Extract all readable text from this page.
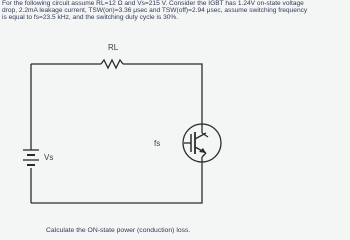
For the following circuit assume RL=12 Ω and Vs=215 V. Consider the IGBT has 1.24V on-state voltage
drop, 2.2mA leakage current, TSW(on)=3.36 μsec and TSW(off)=2.94 μsec, assume switching frequency
is equal to fs=23.5 kHz, and the switching duty cycle is 30%.
RL
Vs
fs

Calculate the ON-state power (conduction) loss.
